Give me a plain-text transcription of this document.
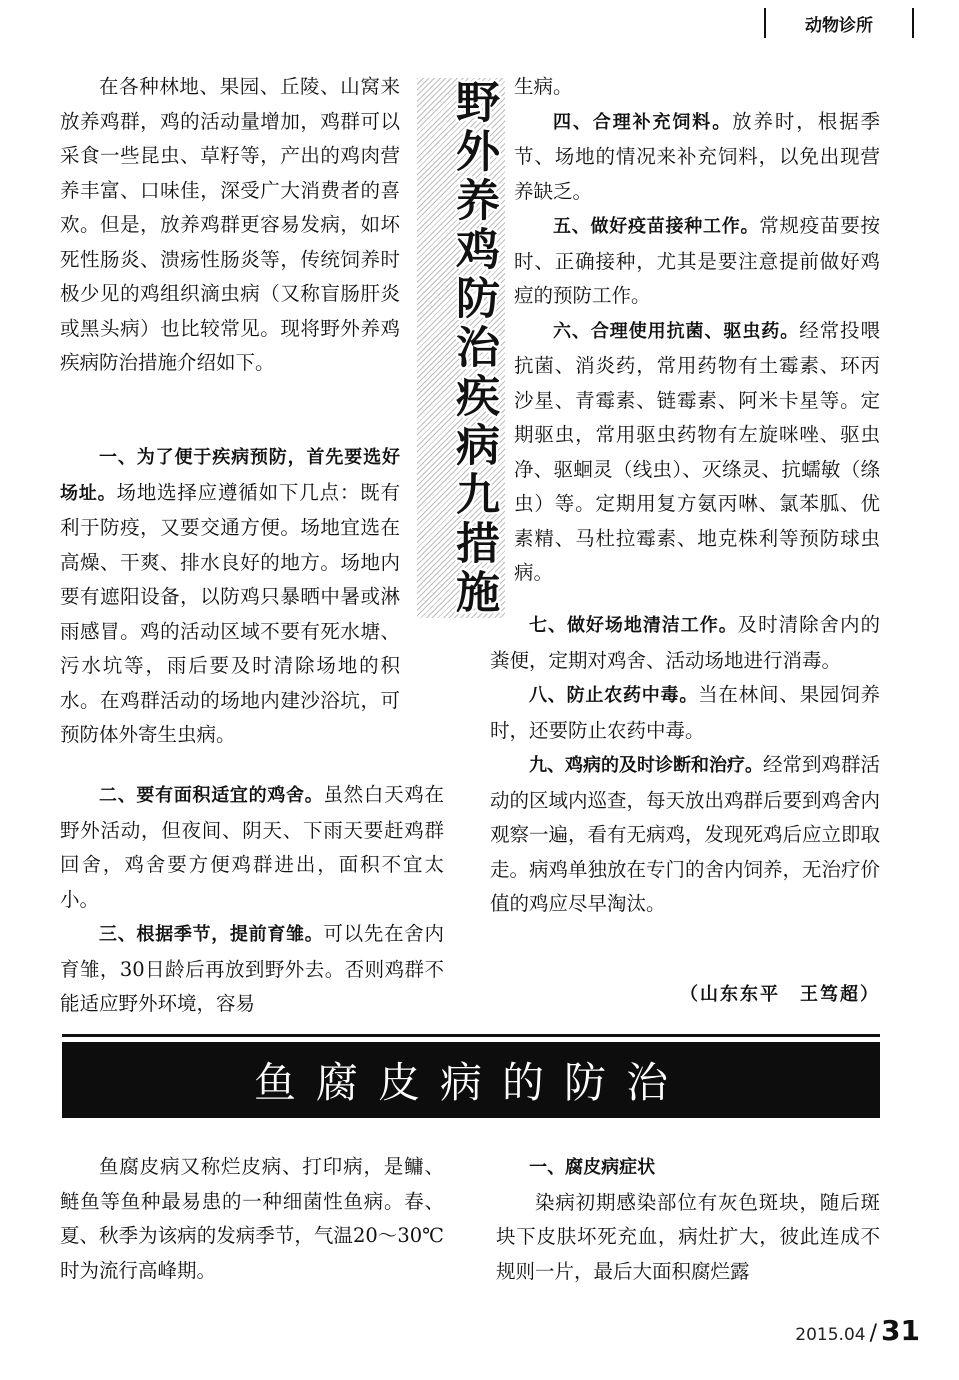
动物诊所

在各种林地、果园、丘陵、山窝来放养鸡群，鸡的活动量增加，鸡群可以采食一些昆虫、草籽等，产出的鸡肉营养丰富、口味佳，深受广大消费者的喜欢。但是，放养鸡群更容易发病，如坏死性肠炎、溃疡性肠炎等，传统饲养时极少见的鸡组织滴虫病（又称盲肠肝炎或黑头病）也比较常见。现将野外养鸡疾病防治措施介绍如下。

一、为了便于疾病预防，首先要选好场址。场地选择应遵循如下几点：既有利于防疫，又要交通方便。场地宜选在高燥、干爽、排水良好的地方。场地内要有遮阳设备，以防鸡只暴晒中暑或淋雨感冒。鸡的活动区域不要有死水塘、污水坑等，雨后要及时清除场地的积水。在鸡群活动的场地内建沙浴坑，可预防体外寄生虫病。

野外养鸡防治疾病九措施 生病。

四、合理补充饲料。放养时，根据季节、场地的情况来补充饲料，以免出现营养缺乏。

五、做好疫苗接种工作。常规疫苗要按时、正确接种，尤其是要注意提前做好鸡痘的预防工作。

六、合理使用抗菌、驱虫药。经常投喂抗菌、消炎药，常用药物有土霉素、环丙沙星、青霉素、链霉素、阿米卡星等。定期驱虫，常用驱虫药物有左旋咪唑、驱虫净、驱蛔灵（线虫）、灭绦灵、抗蠕敏（绦虫）等。定期用复方氨丙啉、氯苯胍、优素精、马杜拉霉素、地克株利等预防球虫病。

七、做好场地清洁工作。及时清除舍内的粪便，定期对鸡舍、活动场地进行消毒。

八、防止农药中毒。当在林间、果园饲养时，还要防止农药中毒。

九、鸡病的及时诊断和治疗。经常到鸡群活动的区域内巡查，每天放出鸡群后要到鸡舍内观察一遍，看有无病鸡，发现死鸡后应立即取走。病鸡单独放在专门的舍内饲养，无治疗价值的鸡应尽早淘汰。

二、要有面积适宜的鸡舍。虽然白天鸡在野外活动，但夜间、阴天、下雨天要赶鸡群回舍，鸡舍要方便鸡群进出，面积不宜太小。

三、根据季节，提前育雏。可以先在舍内育雏，30日龄后再放到野外去。否则鸡群不能适应野外环境，容易	（山东东平　王笃超）
鱼腐皮病的防治

鱼腐皮病又称烂皮病、打印病，是鳙、鲢鱼等鱼种最易患的一种细菌性鱼病。春、夏、秋季为该病的发病季节，气温20～30℃时为流行高峰期。

一、腐皮病症状

染病初期感染部位有灰色斑块，随后斑块下皮肤坏死充血，病灶扩大，彼此连成不规则一片，最后大面积腐烂露

2015.04 / 31
